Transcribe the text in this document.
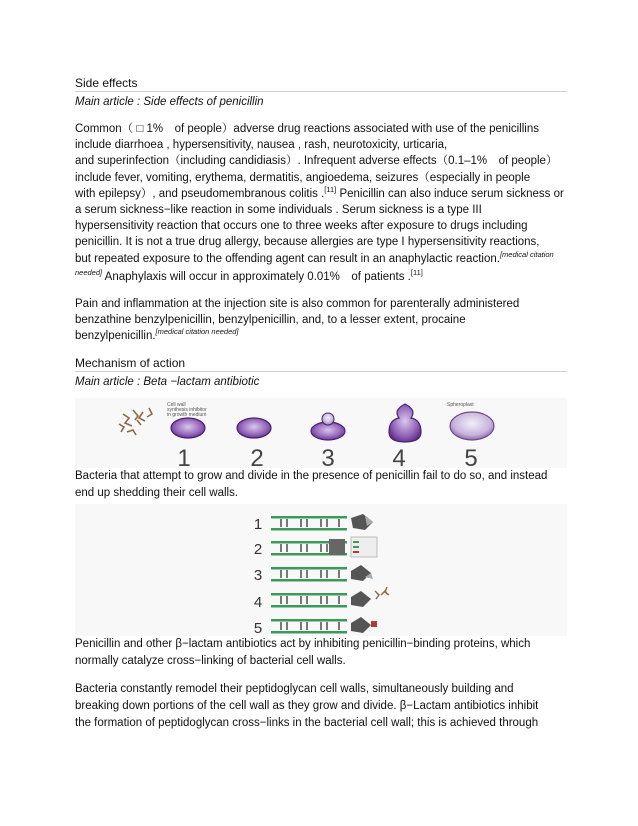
Side effects
Main article : Side effects of penicillin
Common（ □ 1%　of people）adverse drug reactions associated with use of the penicillins
include diarrhoea , hypersensitivity, nausea , rash, neurotoxicity, urticaria,
and superinfection（including candidiasis）. Infrequent adverse effects（0.1–1%　of people）
include fever, vomiting, erythema, dermatitis, angioedema, seizures（especially in people
with epilepsy）, and pseudomembranous colitis .[11] Penicillin can also induce serum sickness or
a serum sickness−like reaction in some individuals . Serum sickness is a type III
hypersensitivity reaction that occurs one to three weeks after exposure to drugs including
penicillin. It is not a true drug allergy, because allergies are type I hypersensitivity reactions,
but repeated exposure to the offending agent can result in an anaphylactic reaction.$^{[medical citation}$
$^{needed]}$ Anaphylaxis will occur in approximately 0.01%　of patients .[11]
Pain and inflammation at the injection site is also common for parenterally administered
benzathine benzylpenicillin, benzylpenicillin, and, to a lesser extent, procaine
benzylpenicillin.[medical citation needed]
Mechanism of action
Main article : Beta −lactam antibiotic
Cell wall
synthesis inhibitor
in growth medium
Spheroplast
1 2 3 4 5
Bacteria that attempt to grow and divide in the presence of penicillin fail to do so, and instead
end up shedding their cell walls.
1
2
3
4
5
Penicillin and other β−lactam antibiotics act by inhibiting penicillin−binding proteins, which
normally catalyze cross−linking of bacterial cell walls.
Bacteria constantly remodel their peptidoglycan cell walls, simultaneously building and
breaking down portions of the cell wall as they grow and divide. β−Lactam antibiotics inhibit
the formation of peptidoglycan cross−links in the bacterial cell wall; this is achieved through
